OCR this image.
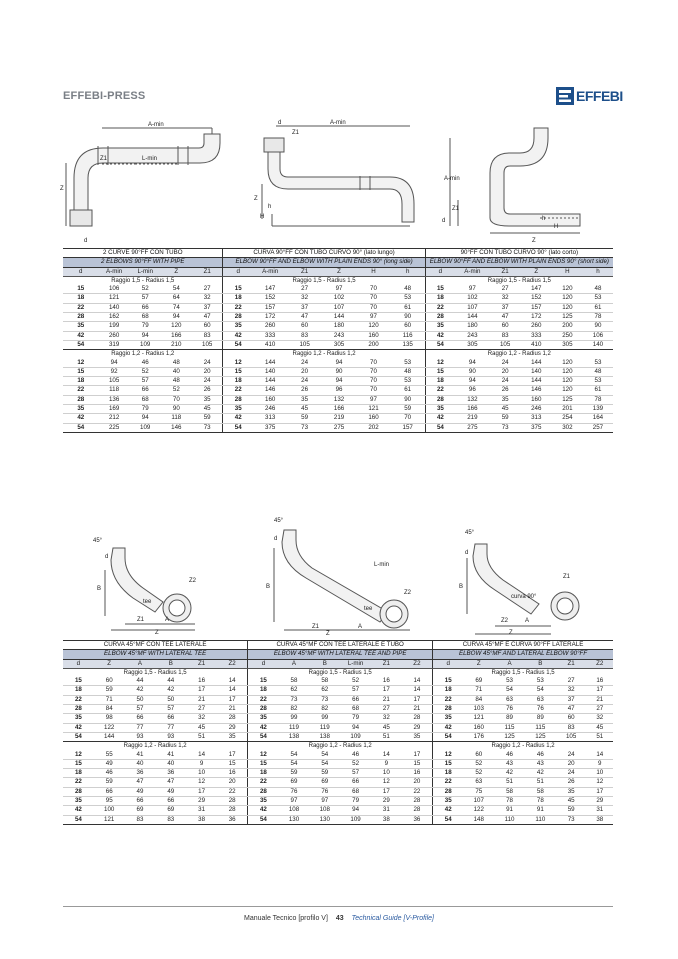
EFFEBI-PRESS	EFFEBI
A-min
Z1	L-min
Z
d
d	A-min
Z1
Z
h
H
A-min
Z1
d	h
H
Z
2 CURVE 90°FF CON TUBO					CURVA 90°FF CON TUBO CURVO 90° (lato lungo)						90°FF CON TUBO CURVO 90° (lato corto)					
2 ELBOWS 90°FF WITH PIPE					ELBOW 90°FF AND ELBOW WITH PLAIN ENDS 90° (long side)						ELBOW 90°FF AND ELBOW WITH PLAIN ENDS 90° (short side)					
d	A-min	L-min	Z	Z1	d	A-min	Z1	Z	H	h	d	A-min	Z1	Z	H	h
Raggio 1,5 - Radius 1,5					Raggio 1,5 - Radius 1,5						Raggio 1,5 - Radius 1,5					
15	106	52	54	27	15	147	27	97	70	48	15	97	27	147	120	48
18	121	57	64	32	18	152	32	102	70	53	18	102	32	152	120	53
22	140	66	74	37	22	157	37	107	70	61	22	107	37	157	120	61
28	162	68	94	47	28	172	47	144	97	90	28	144	47	172	125	78
35	199	79	120	60	35	260	60	180	120	60	35	180	60	260	200	90
42	260	94	166	83	42	333	83	243	160	116	42	243	83	333	250	106
54	319	109	210	105	54	410	105	305	200	135	54	305	105	410	305	140
Raggio 1,2 - Radius 1,2					Raggio 1,2 - Radius 1,2						Raggio 1,2 - Radius 1,2					
12	94	46	48	24	12	144	24	94	70	53	12	94	24	144	120	53
15	92	52	40	20	15	140	20	90	70	48	15	90	20	140	120	48
18	105	57	48	24	18	144	24	94	70	53	18	94	24	144	120	53
22	118	66	52	26	22	146	26	96	70	61	22	96	26	146	120	61
28	136	68	70	35	28	160	35	132	97	90	28	132	35	160	125	78
35	169	79	90	45	35	246	45	166	121	59	35	166	45	246	201	139
42	212	94	118	59	42	313	59	219	160	70	42	219	59	313	254	164
54	225	109	146	73	54	375	73	275	202	157	54	275	73	375	302	257
45°
d
Z2
tee
B
Z1	A
Z
45°
d
L-min
B
Z2
tee
Z1	A
Z
45°
d
Z1
B
curva 90°
Z2	A
Z
CURVA 45°MF CON TEE LATERALE						CURVA 45°MF CON TEE LATERALE E TUBO						CURVA 45°MF E CURVA 90°FF LATERALE					
ELBOW 45°MF WITH LATERAL TEE						ELBOW 45°MF WITH LATERAL TEE AND PIPE						ELBOW 45°MF AND LATERAL ELBOW 90°FF					
d	Z	A	B	Z1	Z2	d	A	B	L-min	Z1	Z2	d	Z	A	B	Z1	Z2
Raggio 1,5 - Radius 1,5						Raggio 1,5 - Radius 1,5						Raggio 1,5 - Radius 1,5					
15	60	44	44	16	14	15	58	58	52	16	14	15	69	53	53	27	16
18	59	42	42	17	14	18	62	62	57	17	14	18	71	54	54	32	17
22	71	50	50	21	17	22	73	73	66	21	17	22	84	63	63	37	21
28	84	57	57	27	21	28	82	82	68	27	21	28	103	76	76	47	27
35	98	66	66	32	28	35	99	99	79	32	28	35	121	89	89	60	32
42	122	77	77	45	29	42	119	119	94	45	29	42	160	115	115	83	45
54	144	93	93	51	35	54	138	138	109	51	35	54	176	125	125	105	51
Raggio 1,2 - Radius 1,2						Raggio 1,2 - Radius 1,2						Raggio 1,2 - Radius 1,2					
12	55	41	41	14	17	12	54	54	46	14	17	12	60	46	46	24	14
15	49	40	40	9	15	15	54	54	52	9	15	15	52	43	43	20	9
18	46	36	36	10	16	18	59	59	57	10	16	18	52	42	42	24	10
22	59	47	47	12	20	22	69	69	66	12	20	22	63	51	51	26	12
28	66	49	49	17	22	28	76	76	68	17	22	28	75	58	58	35	17
35	95	66	66	29	28	35	97	97	79	29	28	35	107	78	78	45	29
42	100	69	69	31	28	42	108	108	94	31	28	42	122	91	91	59	31
54	121	83	83	38	36	54	130	130	109	38	36	54	148	110	110	73	38
Manuale Tecnico [profilo V] 43 Technical Guide [V-Profile]
